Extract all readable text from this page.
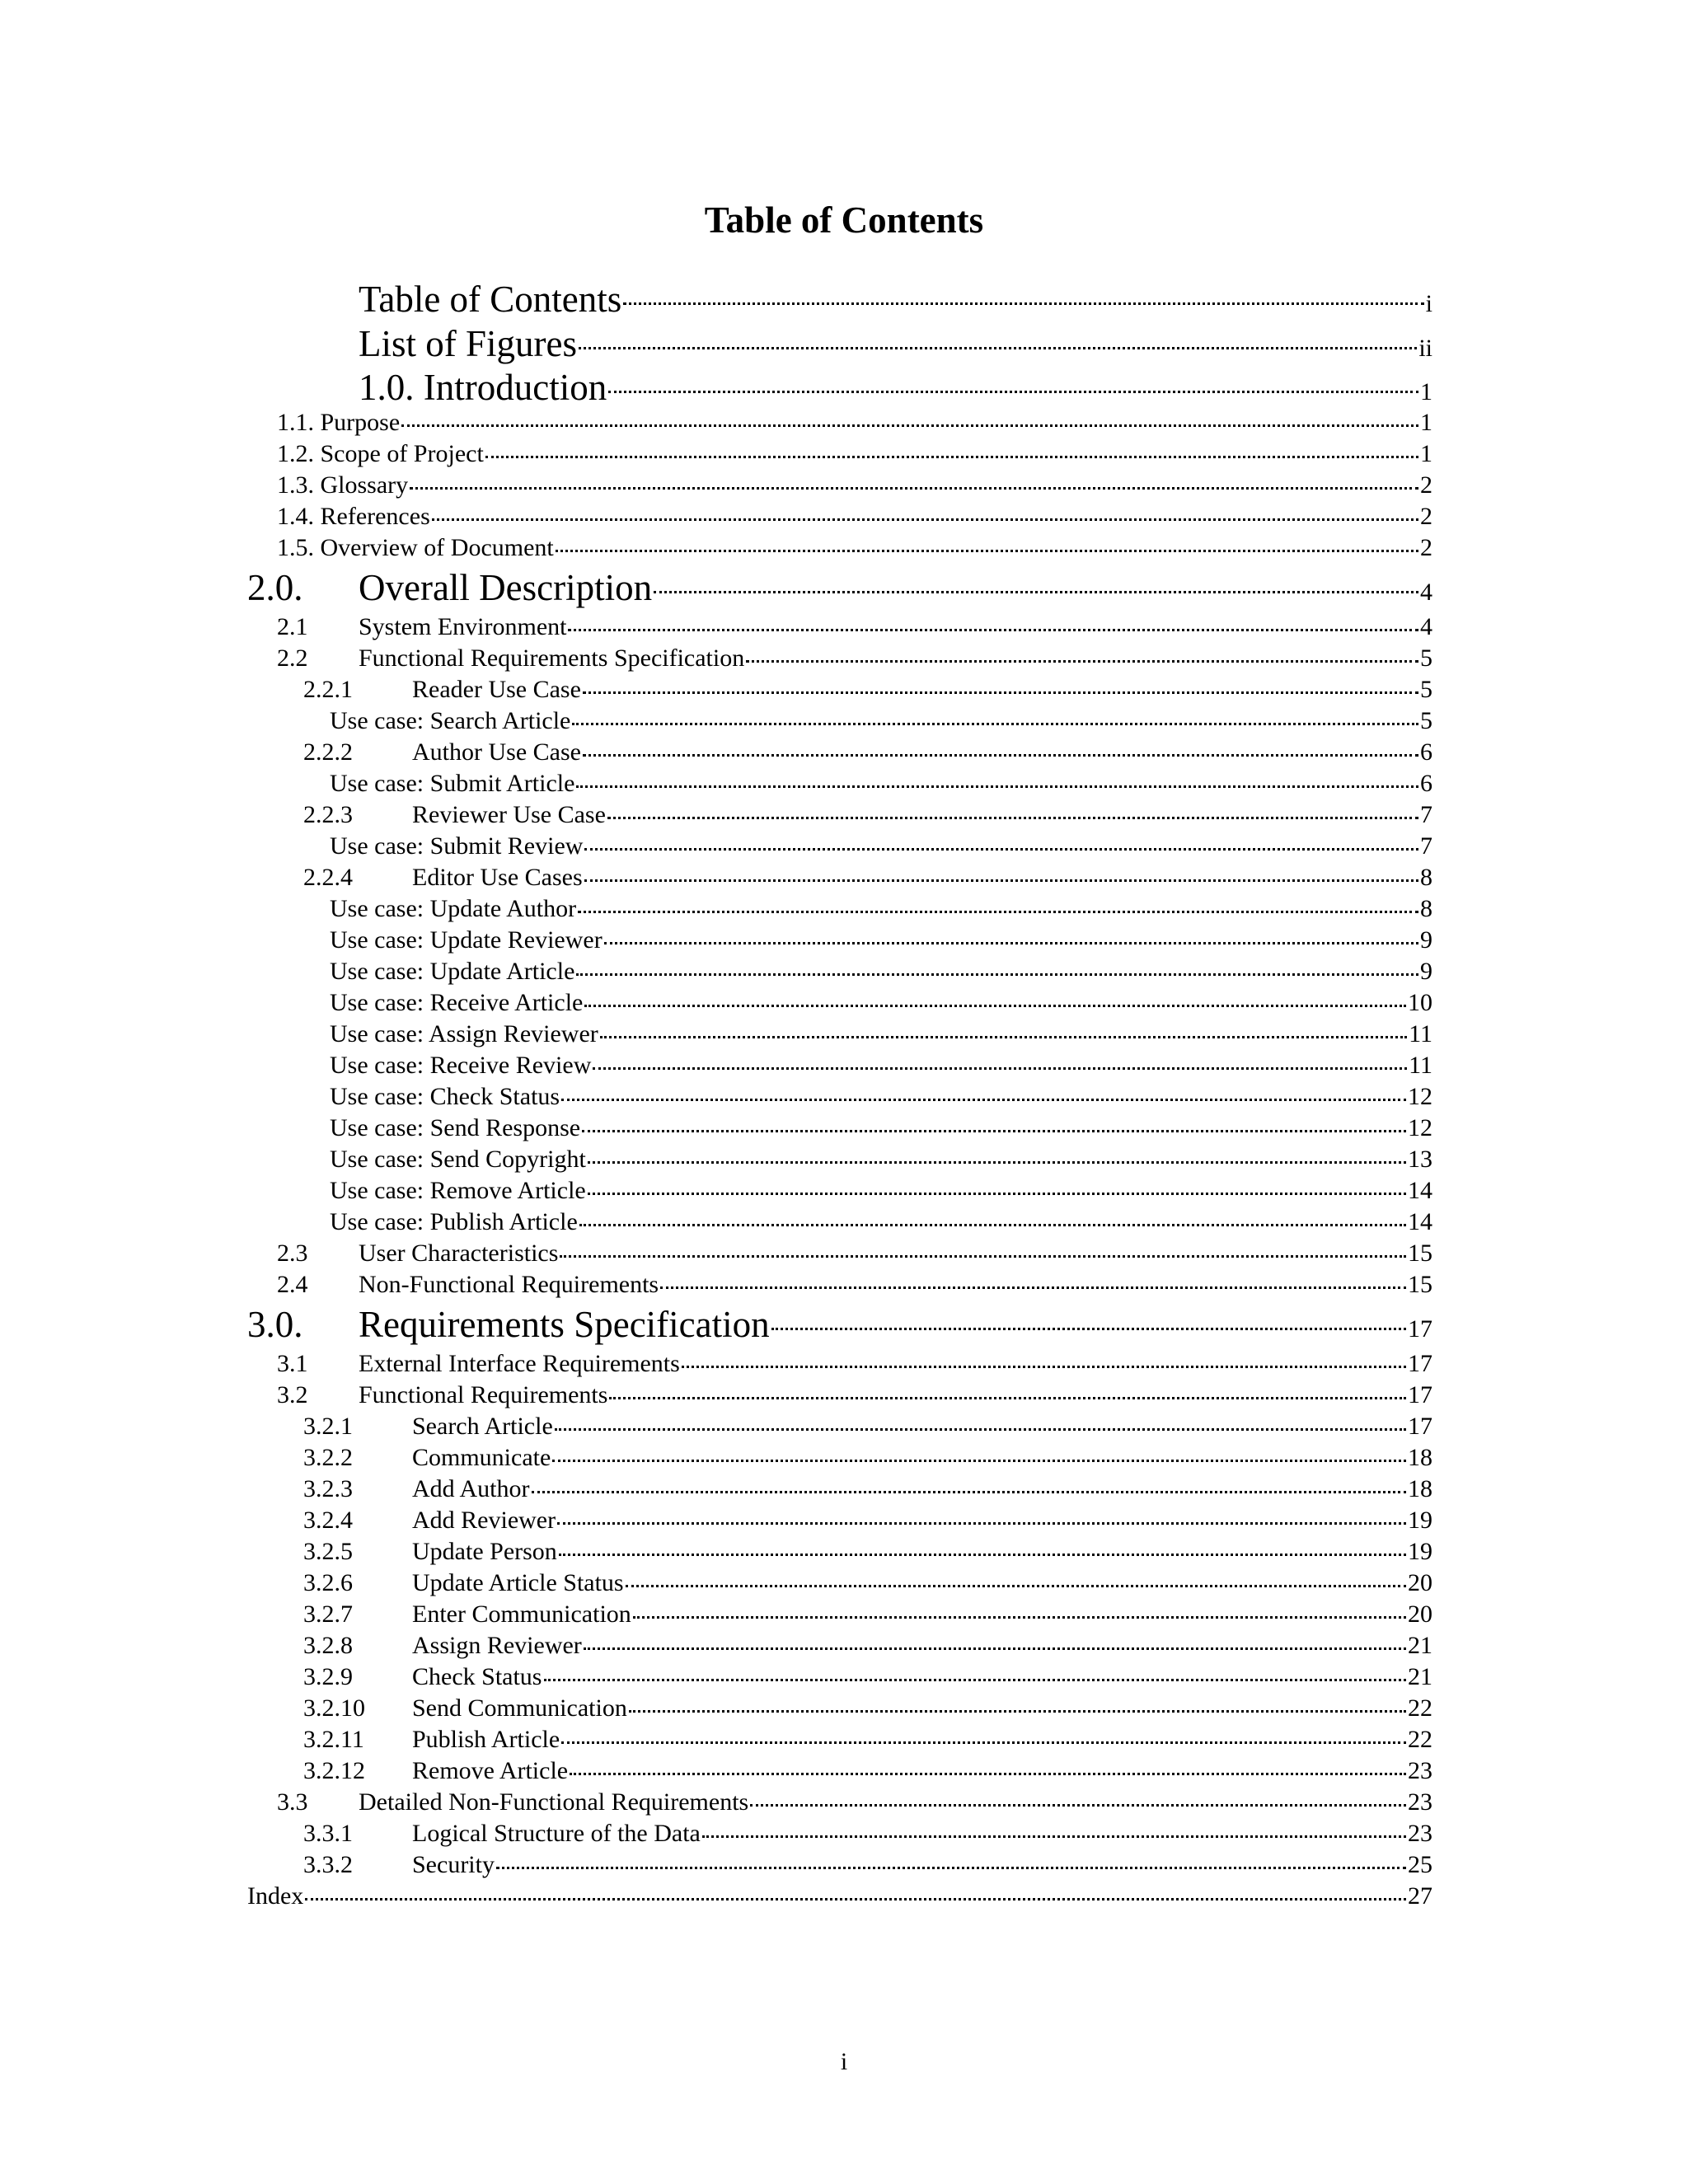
Table of Contents
Table of Contents	i
List of Figures	ii
1.0. Introduction	1
1.1. Purpose	1
1.2. Scope of Project	1
1.3. Glossary	2
1.4. References	2
1.5. Overview of Document	2
2.0.	Overall Description	4
2.1	System Environment	4
2.2	Functional Requirements Specification	5
2.2.1	Reader Use Case	5
Use case: Search Article	5
2.2.2	Author Use Case	6
Use case: Submit Article	6
2.2.3	Reviewer Use Case	7
Use case: Submit Review	7
2.2.4	Editor Use Cases	8
Use case: Update Author	8
Use case: Update Reviewer	9
Use case: Update Article	9
Use case: Receive Article	10
Use case: Assign Reviewer	11
Use case: Receive Review	11
Use case: Check Status	12
Use case: Send Response	12
Use case: Send Copyright	13
Use case: Remove Article	14
Use case: Publish Article	14
2.3	User Characteristics	15
2.4	Non-Functional Requirements	15
3.0.	Requirements Specification	17
3.1	External Interface Requirements	17
3.2	Functional Requirements	17
3.2.1	Search Article	17
3.2.2	Communicate	18
3.2.3	Add Author	18
3.2.4	Add Reviewer	19
3.2.5	Update Person	19
3.2.6	Update Article Status	20
3.2.7	Enter Communication	20
3.2.8	Assign Reviewer	21
3.2.9	Check Status	21
3.2.10	Send Communication	22
3.2.11	Publish Article	22
3.2.12	Remove Article	23
3.3	Detailed Non-Functional Requirements	23
3.3.1	Logical Structure of the Data	23
3.3.2	Security	25
Index	27
i
